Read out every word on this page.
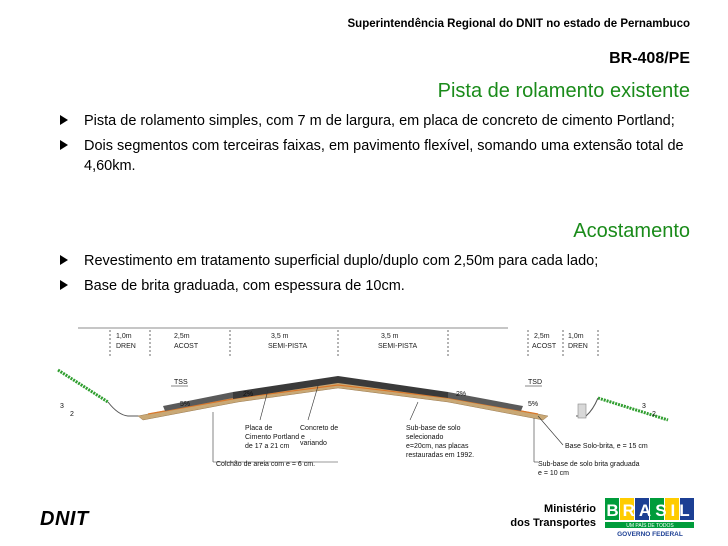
Superintendência Regional do DNIT no estado de Pernambuco
BR-408/PE
Pista de rolamento existente
Pista de rolamento simples, com 7 m de largura, em placa de concreto de cimento Portland;
Dois segmentos com terceiras faixas, em pavimento flexível, somando uma extensão total de 4,60km.
Acostamento
Revestimento em tratamento superficial duplo/duplo com 2,50m para cada lado;
Base de brita graduada, com espessura de 10cm.
1,0m
DREN
2,5m
ACOST
3,5 m
SEMI-PISTA
3,5 m
SEMI-PISTA
2,5m
ACOST
1,0m
DREN
TSS	TSD
2%	2%
5%	5%
3
2
3
2
Placa de
Cimento Portland e
de 17 a 21 cm
Concreto de
variando
Colchão de areia com e = 6 cm.
Sub-base de solo
selecionado
e=20cm, nas placas
restauradas em 1992.
Base Solo-brita, e = 15 cm
Sub-base de solo brita graduada
e = 10 cm
DNIT	Ministério
dos Transportes
BRASIL
UM PAÍS DE TODOS
GOVERNO FEDERAL
